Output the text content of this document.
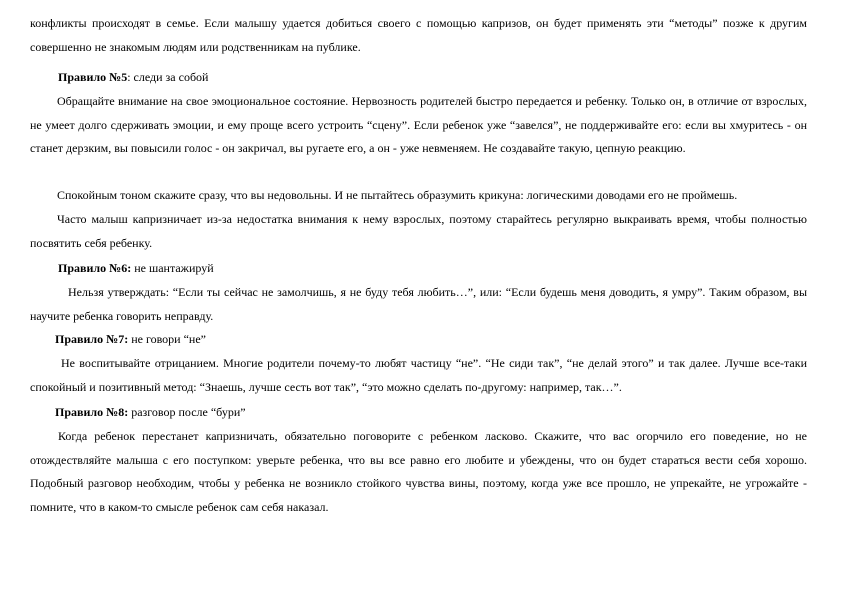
конфликты происходят в семье. Если малышу удается добиться своего с помощью капризов, он будет применять эти “методы” позже к другим совершенно не знакомым людям или родственникам на публике.

Правило №5: следи за собой

Обращайте внимание на свое эмоциональное состояние. Нервозность родителей быстро передается и ребенку. Только он, в отличие от взрослых, не умеет долго сдерживать эмоции, и ему проще всего устроить “сцену”. Если ребенок уже “завелся”, не поддерживайте его: если вы хмуритесь - он станет дерзким, вы повысили голос - он закричал, вы ругаете его, а он - уже невменяем. Не создавайте такую, цепную реакцию.

Спокойным тоном скажите сразу, что вы недовольны. И не пытайтесь образумить крикуна: логическими доводами его не проймешь.

Часто малыш капризничает из-за недостатка внимания к нему взрослых, поэтому старайтесь регулярно выкраивать время, чтобы полностью посвятить себя ребенку.

Правило №6: не шантажируй

Нельзя утверждать: “Если ты сейчас не замолчишь, я не буду тебя любить…”, или: “Если будешь меня доводить, я умру”. Таким образом, вы научите ребенка говорить неправду.

Правило №7: не говори “не”

Не воспитывайте отрицанием. Многие родители почему-то любят частицу “не”. “Не сиди так”, “не делай этого” и так далее. Лучше все-таки спокойный и позитивный метод: “Знаешь, лучше сесть вот так”, “это можно сделать по-другому: например, так…”.

Правило №8: разговор после “бури”

Когда ребенок перестанет капризничать, обязательно поговорите с ребенком ласково. Скажите, что вас огорчило его поведение, но не отождествляйте малыша с его поступком: уверьте ребенка, что вы все равно его любите и убеждены, что он будет стараться вести себя хорошо. Подобный разговор необходим, чтобы у ребенка не возникло стойкого чувства вины, поэтому, когда уже все прошло, не упрекайте, не угрожайте - помните, что в каком-то смысле ребенок сам себя наказал.
